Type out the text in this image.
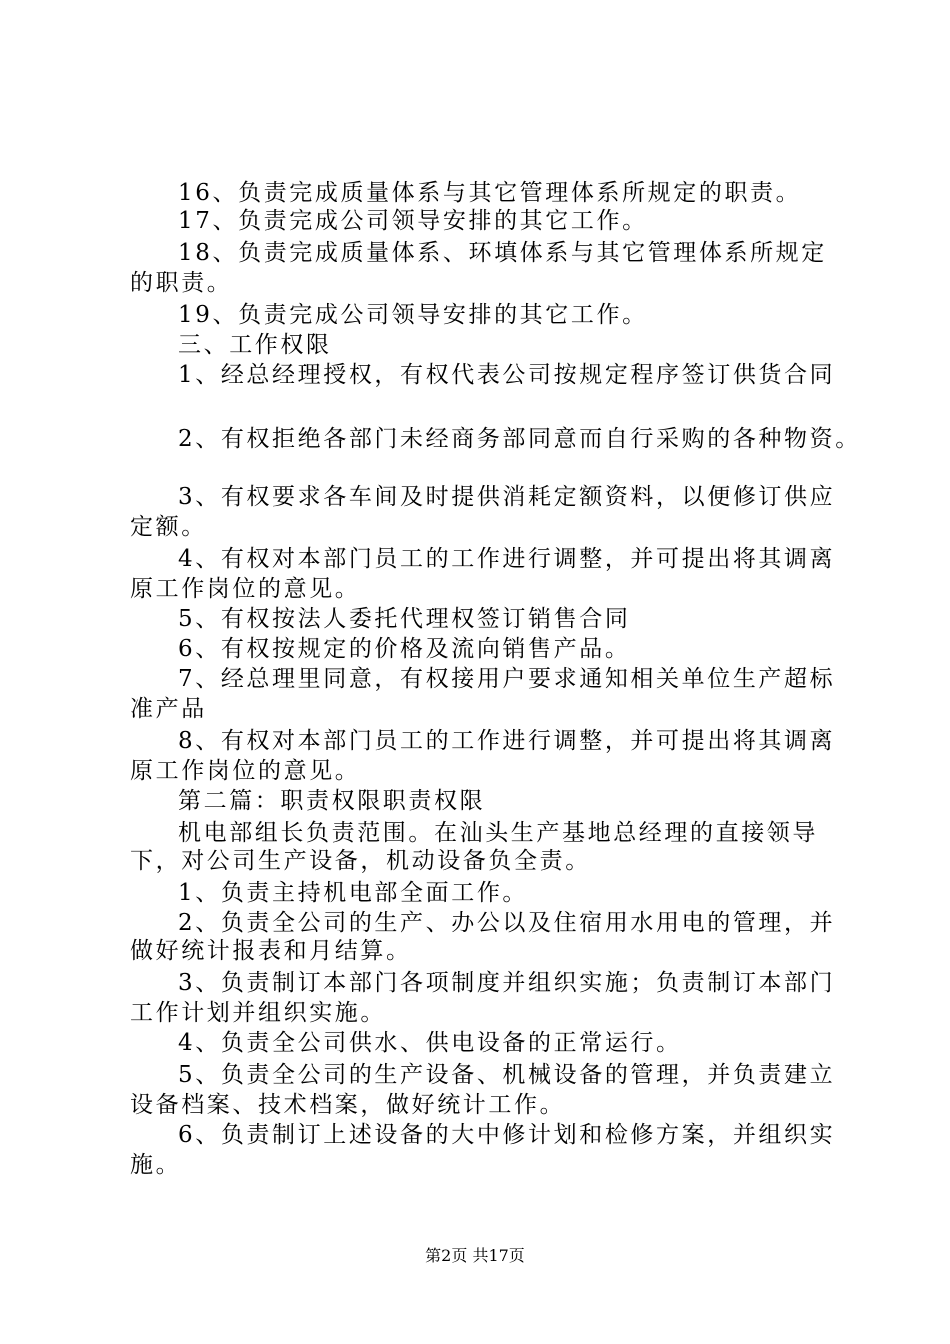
16、负责完成质量体系与其它管理体系所规定的职责。
17、负责完成公司领导安排的其它工作。
18、负责完成质量体系、环填体系与其它管理体系所规定
的职责。
19、负责完成公司领导安排的其它工作。
三、工作权限
1、经总经理授权，有权代表公司按规定程序签订供货合同
2、有权拒绝各部门未经商务部同意而自行采购的各种物资。
3、有权要求各车间及时提供消耗定额资料，以便修订供应
定额。
4、有权对本部门员工的工作进行调整，并可提出将其调离
原工作岗位的意见。
5、有权按法人委托代理权签订销售合同
6、有权按规定的价格及流向销售产品。
7、经总理里同意，有权接用户要求通知相关单位生产超标
准产品
8、有权对本部门员工的工作进行调整，并可提出将其调离
原工作岗位的意见。
第二篇：职责权限职责权限
机电部组长负责范围。在汕头生产基地总经理的直接领导
下，对公司生产设备，机动设备负全责。
1、负责主持机电部全面工作。
2、负责全公司的生产、办公以及住宿用水用电的管理，并
做好统计报表和月结算。
3、负责制订本部门各项制度并组织实施；负责制订本部门
工作计划并组织实施。
4、负责全公司供水、供电设备的正常运行。
5、负责全公司的生产设备、机械设备的管理，并负责建立
设备档案、技术档案，做好统计工作。
6、负责制订上述设备的大中修计划和检修方案，并组织实
施。
第2页 共17页
